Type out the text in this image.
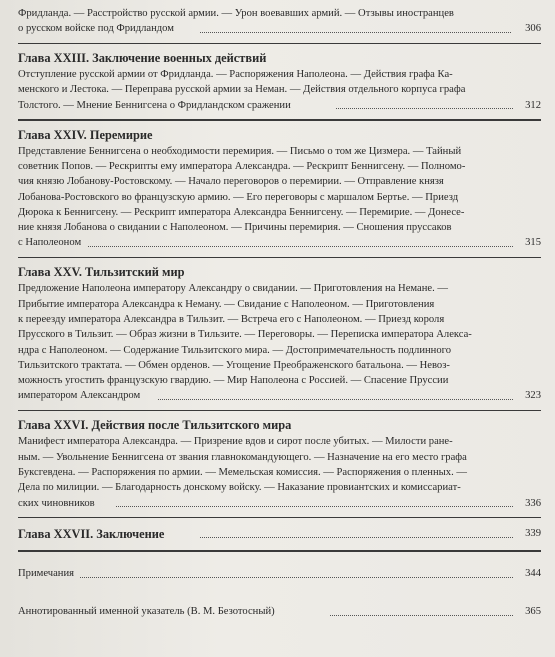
Фридланда. — Расстройство русской армии. — Урон воевавших армий. — Отзывы иностранцев
о русском войске под Фридландом	306
Глава XXIII. Заключение военных действий
Отступление русской армии от Фридланда. — Распоряжения Наполеона. — Действия графа Ка-
менского и Лестока. — Переправа русской армии за Неман. — Действия отдельного корпуса графа
Толстого. — Мнение Беннигсена о Фридландском сражении	312
Глава XXIV. Перемирие
Представление Беннигсена о необходимости перемирия. — Письмо о том же Цизмера. — Тайный
советник Попов. — Рескрипты ему императора Александра. — Рескрипт Беннигсену. — Полномо-
чия князю Лобанову-Ростовскому. — Начало переговоров о перемирии. — Отправление князя
Лобанова-Ростовского во французскую армию. — Его переговоры с маршалом Бертье. — Приезд
Дюрока к Беннигсену. — Рескрипт императора Александра Беннигсену. — Перемирие. — Донесе-
ние князя Лобанова о свидании с Наполеоном. — Причины перемирия. — Сношения пруссаков
с Наполеоном	315
Глава XXV. Тильзитский мир
Предложение Наполеона императору Александру о свидании. — Приготовления на Немане. —
Прибытие императора Александра к Неману. — Свидание с Наполеоном. — Приготовления
к переезду императора Александра в Тильзит. — Встреча его с Наполеоном. — Приезд короля
Прусского в Тильзит. — Образ жизни в Тильзите. — Переговоры. — Переписка императора Алекса-
ндра с Наполеоном. — Содержание Тильзитского мира. — Достопримечательность подлинного
Тильзитского трактата. — Обмен орденов. — Угощение Преображенского батальона. — Невоз-
можность угостить французскую гвардию. — Мир Наполеона с Россией. — Спасение Пруссии
императором Александром	323
Глава XXVI. Действия после Тильзитского мира
Манифест императора Александра. — Призрение вдов и сирот после убитых. — Милости ране-
ным. — Увольнение Беннигсена от звания главнокомандующего. — Назначение на его место графа
Буксгевдена. — Распоряжения по армии. — Мемельская комиссия. — Распоряжения о пленных. —
Дела по милиции. — Благодарность донскому войску. — Наказание провиантских и комиссариат-
ских чиновников	336
Глава XXVII. Заключение	339
Примечания	344
Аннотированный именной указатель (В. М. Безотосный)	365
